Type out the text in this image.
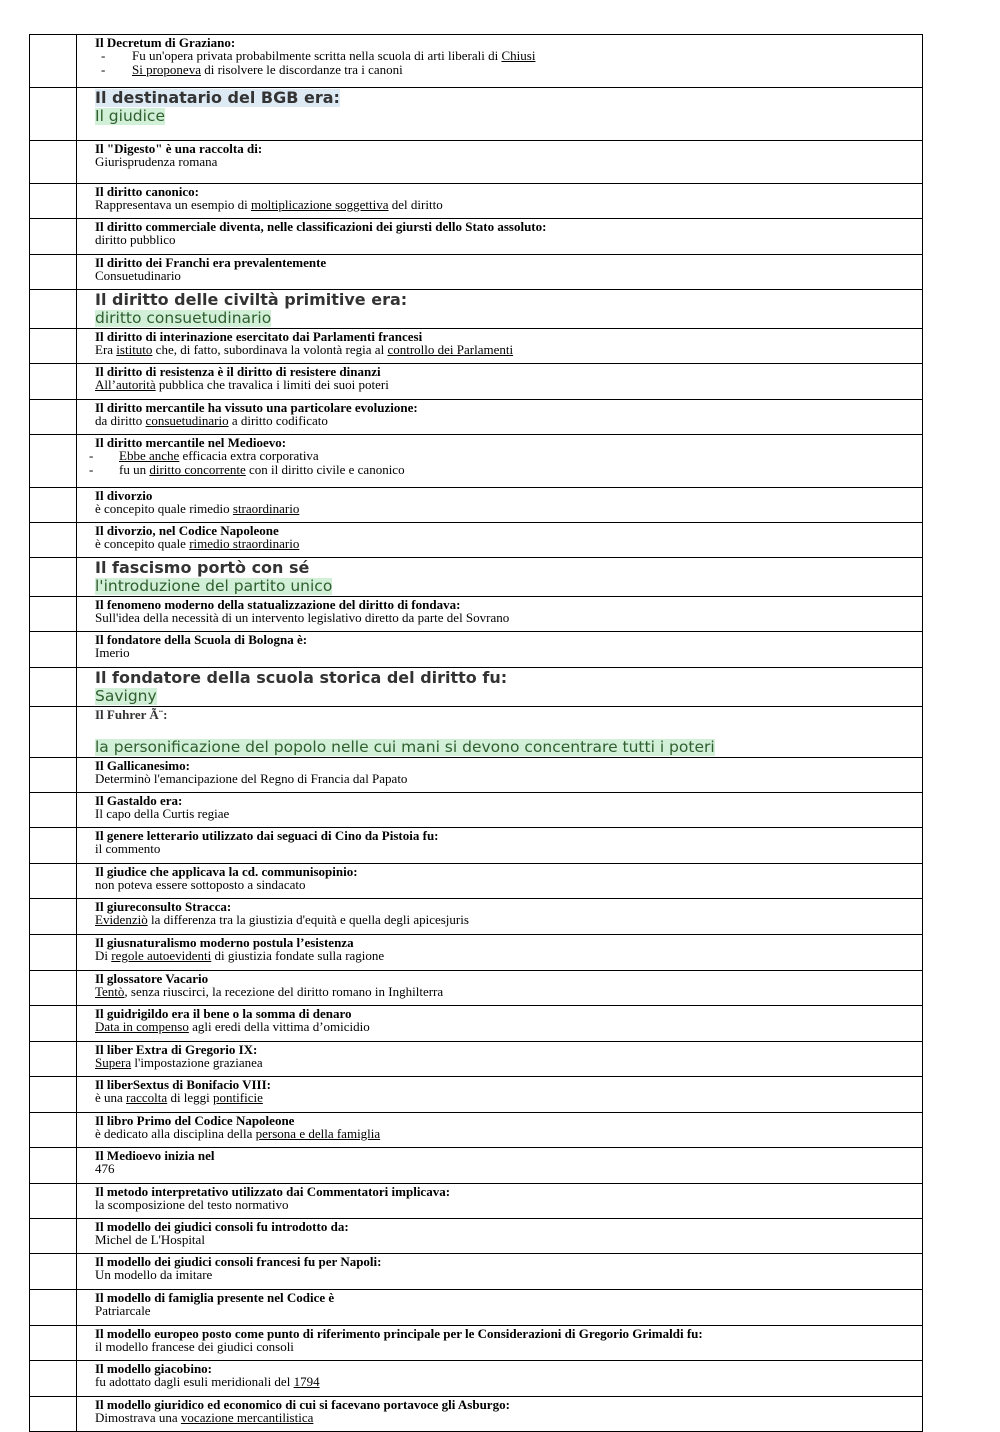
	Il Decretum di Graziano:
- Fu un'opera privata probabilmente scritta nella scuola di arti liberali di Chiusi
- Si proponeva di risolvere le discordanze tra i canoni

	Il destinatario del BGB era:
Il giudice

	Il "Digesto" è una raccolta di:
Giurisprudenza romana

	Il diritto canonico:
Rappresentava un esempio di moltiplicazione soggettiva del diritto

	Il diritto commerciale diventa, nelle classificazioni dei giursti dello Stato assoluto:
diritto pubblico

	Il diritto dei Franchi era prevalentemente
Consuetudinario

	Il diritto delle civiltà primitive era:
diritto consuetudinario

	Il diritto di interinazione esercitato dai Parlamenti francesi
Era istituto che, di fatto, subordinava la volontà regia al controllo dei Parlamenti

	Il diritto di resistenza è il diritto di resistere dinanzi
All’autorità pubblica che travalica i limiti dei suoi poteri

	Il diritto mercantile ha vissuto una particolare evoluzione:
da diritto consuetudinario a diritto codificato

	Il diritto mercantile nel Medioevo:
- Ebbe anche efficacia extra corporativa
- fu un diritto concorrente con il diritto civile e canonico

	Il divorzio
è concepito quale rimedio straordinario

	Il divorzio, nel Codice Napoleone
è concepito quale rimedio straordinario

	Il fascismo portò con sé
l'introduzione del partito unico

	Il fenomeno moderno della statualizzazione del diritto di fondava:
Sull'idea della necessità di un intervento legislativo diretto da parte del Sovrano

	Il fondatore della Scuola di Bologna è:
Imerio

	Il fondatore della scuola storica del diritto fu:
Savigny

	Il Fuhrer Ã¨:

la personificazione del popolo nelle cui mani si devono concentrare tutti i poteri

	Il Gallicanesimo:
Determinò l'emancipazione del Regno di Francia dal Papato

	Il Gastaldo era:
Il capo della Curtis regiae

	Il genere letterario utilizzato dai seguaci di Cino da Pistoia fu:
il commento

	Il giudice che applicava la cd. communisopinio:
non poteva essere sottoposto a sindacato

	Il giureconsulto Stracca:
Evidenziò la differenza tra la giustizia d'equità e quella degli apicesjuris

	Il giusnaturalismo moderno postula l’esistenza
Di regole autoevidenti di giustizia fondate sulla ragione

	Il glossatore Vacario
Tentò, senza riuscirci, la recezione del diritto romano in Inghilterra

	Il guidrigildo era il bene o la somma di denaro
Data in compenso agli eredi della vittima d’omicidio

	Il liber Extra di Gregorio IX:
Supera l'impostazione grazianea

	Il liberSextus di Bonifacio VIII:
è una raccolta di leggi pontificie

	Il libro Primo del Codice Napoleone
è dedicato alla disciplina della persona e della famiglia

	Il Medioevo inizia nel
476

	Il metodo interpretativo utilizzato dai Commentatori implicava:
la scomposizione del testo normativo

	Il modello dei giudici consoli fu introdotto da:
Michel de L'Hospital

	Il modello dei giudici consoli francesi fu per Napoli:
Un modello da imitare

	Il modello di famiglia presente nel Codice è
Patriarcale

	Il modello europeo posto come punto di riferimento principale per le Considerazioni di Gregorio Grimaldi fu:
il modello francese dei giudici consoli

	Il modello giacobino:
fu adottato dagli esuli meridionali del 1794

	Il modello giuridico ed economico di cui si facevano portavoce gli Asburgo:
Dimostrava una vocazione mercantilistica
